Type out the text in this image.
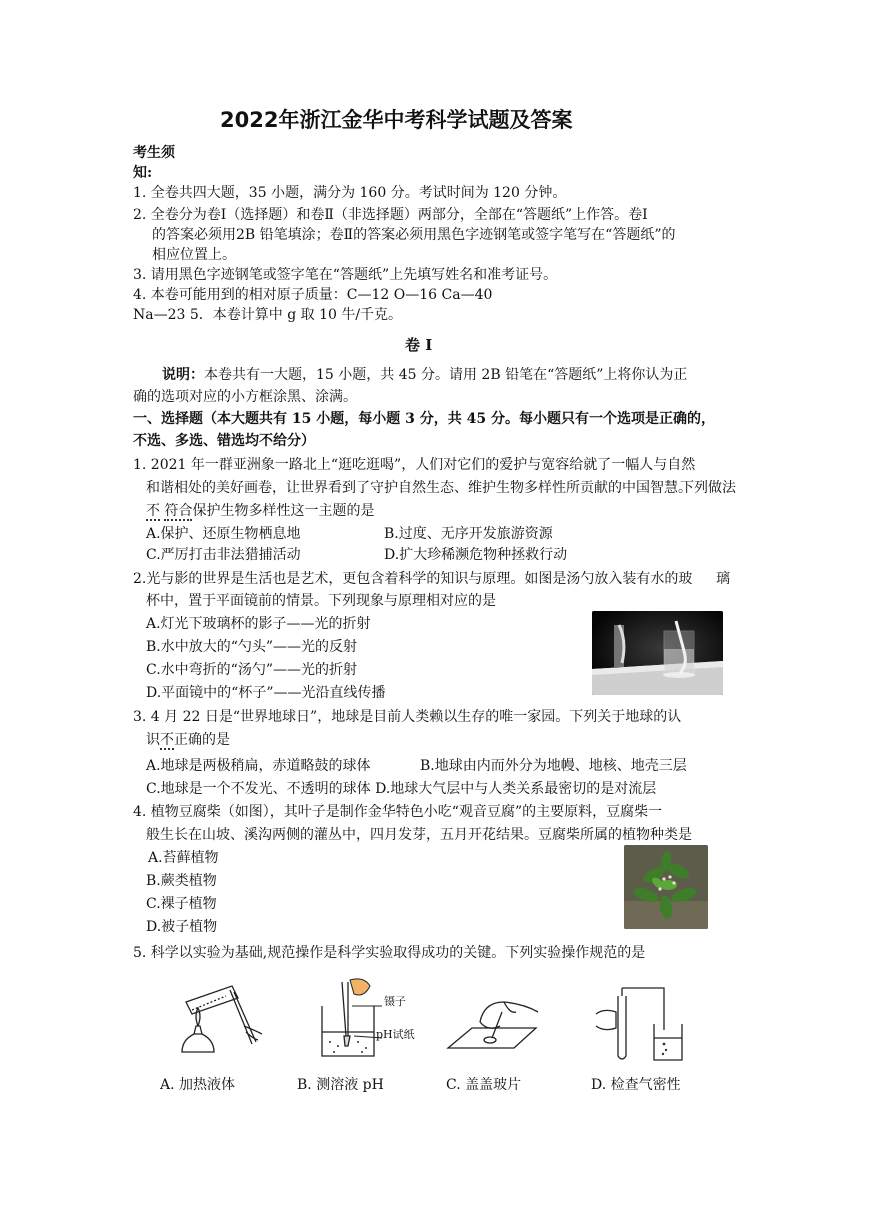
2022年浙江金华中考科学试题及答案
考生须
知:
1. 全卷共四大题，35 小题，满分为 160 分。考试时间为 120 分钟。
2. 全卷分为卷Ⅰ（选择题）和卷Ⅱ（非选择题）两部分，全部在“答题纸”上作答。卷Ⅰ
的答案必须用2B 铅笔填涂；卷Ⅱ的答案必须用黑色字迹钢笔或签字笔写在“答题纸”的
相应位置上。
3. 请用黑色字迹钢笔或签字笔在“答题纸”上先填写姓名和准考证号。
4. 本卷可能用到的相对原子质量：C—12 O—16 Ca—40
Na—23 5．本卷计算中 g 取 10 牛/千克。
卷 Ⅰ
说明：本卷共有一大题，15 小题，共 45 分。请用 2B 铅笔在“答题纸”上将你认为正
确的选项对应的小方框涂黑、涂满。
一、选择题（本大题共有 15 小题，每小题 3 分，共 45 分。每小题只有一个选项是正确的，
不选、多选、错选均不给分）
1. 2021 年一群亚洲象一路北上“逛吃逛喝”，人们对它们的爱护与宽容给就了一幅人与自然
和谐相处的美好画卷，让世界看到了守护自然生态、维护生物多样性所贡献的中国智慧。
下列做法
不 符合保护生物多样性这一主题的是
A.保护、还原生物栖息地	B.过度、无序开发旅游资源
C.严厉打击非法猎捕活动	D.扩大珍稀濒危物种拯救行动
2.光与影的世界是生活也是艺术，更包含着科学的知识与原理。如图是汤勺放入装有水的玻 璃
杯中，置于平面镜前的情景。下列现象与原理相对应的是
A.灯光下玻璃杯的影子——光的折射
B.水中放大的“勺头”——光的反射
C.水中弯折的“汤勺”——光的折射
D.平面镜中的“杯子”——光沿直线传播
3. 4 月 22 日是“世界地球日”，地球是目前人类赖以生存的唯一家园。下列关于地球的认
识不正确的是
A.地球是两极稍扁，赤道略鼓的球体	B.地球由内而外分为地幔、地核、地壳三层
C.地球是一个不发光、不透明的球体 D.地球大气层中与人类关系最密切的是对流层
4. 植物豆腐柴（如图），其叶子是制作金华特色小吃“观音豆腐”的主要原料，豆腐柴一
般生长在山坡、溪沟两侧的灌丛中，四月发芽，五月开花结果。豆腐柴所属的植物种类是
A.苔藓植物
B.蕨类植物
C.裸子植物
D.被子植物
5. 科学以实验为基础,规范操作是科学实验取得成功的关键。下列实验操作规范的是
镊子
pH试纸
A. 加热液体	B. 测溶液 pH	C. 盖盖玻片	D. 检查气密性
